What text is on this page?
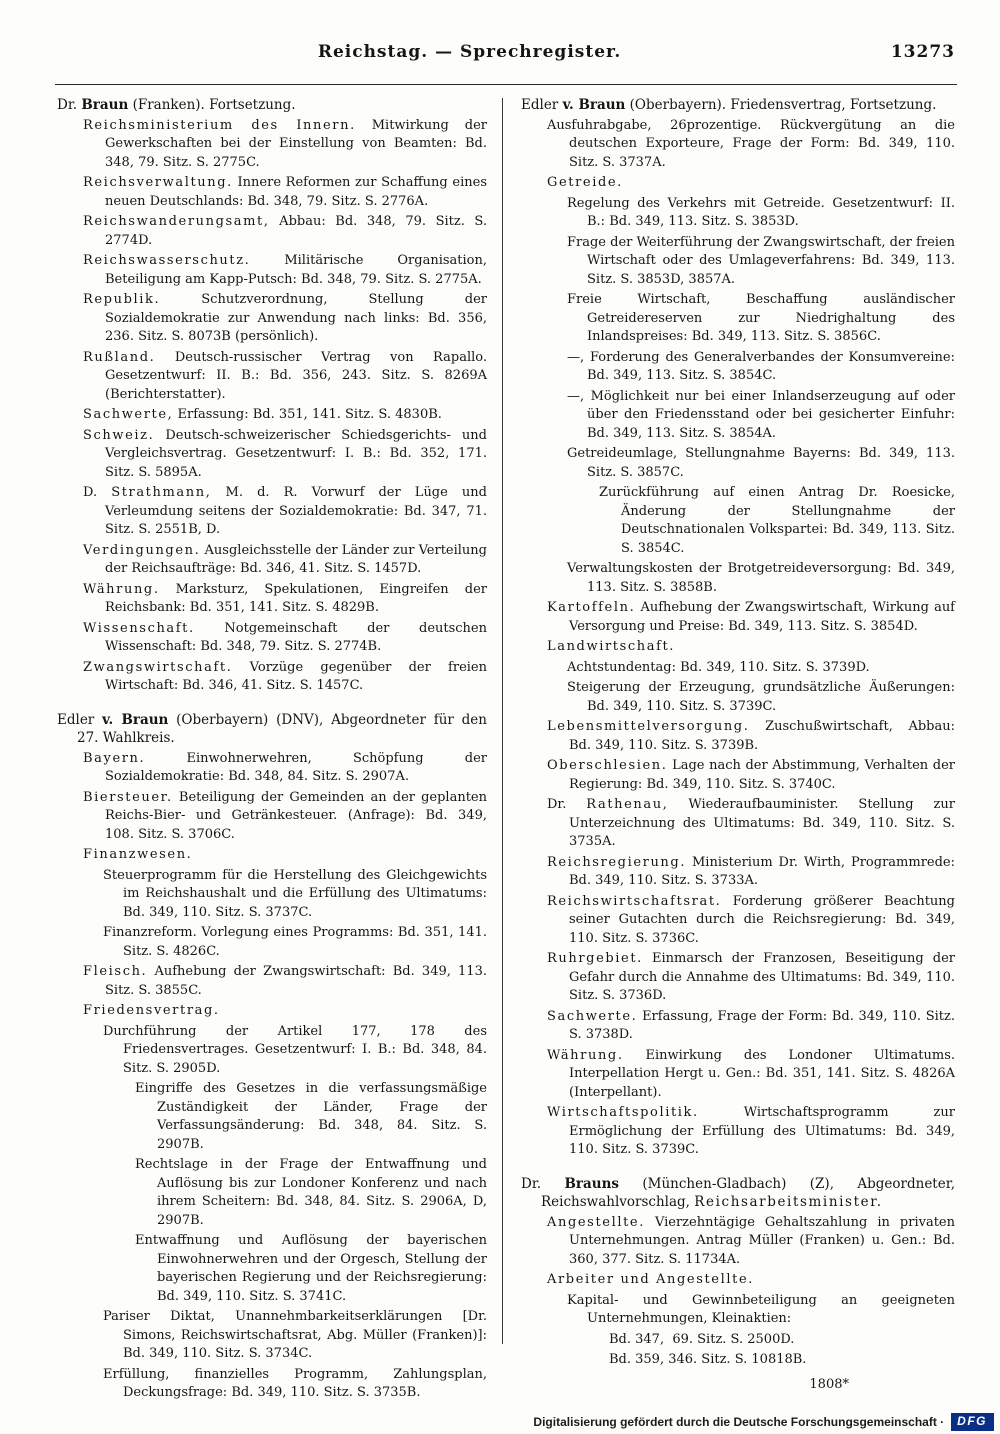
Reichstag. — Sprechregister.	13273
Dr. Braun (Franken). Fortsetzung.
Reichsministerium des Innern. Mitwirkung der Gewerkschaften bei der Einstellung von Beamten: Bd. 348, 79. Sitz. S. 2775C.
Reichsverwaltung. Innere Reformen zur Schaffung eines neuen Deutschlands: Bd. 348, 79. Sitz. S. 2776A.
Reichswanderungsamt, Abbau: Bd. 348, 79. Sitz. S. 2774D.
Reichswasserschutz. Militärische Organisation, Beteiligung am Kapp-Putsch: Bd. 348, 79. Sitz. S. 2775A.
Republik. Schutzverordnung, Stellung der Sozialdemokratie zur Anwendung nach links: Bd. 356, 236. Sitz. S. 8073B (persönlich).
Rußland. Deutsch-russischer Vertrag von Rapallo. Gesetzentwurf: II. B.: Bd. 356, 243. Sitz. S. 8269A (Berichterstatter).
Sachwerte, Erfassung: Bd. 351, 141. Sitz. S. 4830B.
Schweiz. Deutsch-schweizerischer Schiedsgerichts- und Vergleichsvertrag. Gesetzentwurf: I. B.: Bd. 352, 171. Sitz. S. 5895A.
D. Strathmann, M. d. R. Vorwurf der Lüge und Verleumdung seitens der Sozialdemokratie: Bd. 347, 71. Sitz. S. 2551B, D.
Verdingungen. Ausgleichsstelle der Länder zur Verteilung der Reichsaufträge: Bd. 346, 41. Sitz. S. 1457D.
Währung. Marksturz, Spekulationen, Eingreifen der Reichsbank: Bd. 351, 141. Sitz. S. 4829B.
Wissenschaft. Notgemeinschaft der deutschen Wissenschaft: Bd. 348, 79. Sitz. S. 2774B.
Zwangswirtschaft. Vorzüge gegenüber der freien Wirtschaft: Bd. 346, 41. Sitz. S. 1457C.
Edler v. Braun (Oberbayern) (DNV), Abgeordneter für den 27. Wahlkreis.
Bayern. Einwohnerwehren, Schöpfung der Sozialdemokratie: Bd. 348, 84. Sitz. S. 2907A.
Biersteuer. Beteiligung der Gemeinden an der geplanten Reichs-Bier- und Getränkesteuer. (Anfrage): Bd. 349, 108. Sitz. S. 3706C.
Finanzwesen.
Steuerprogramm für die Herstellung des Gleichgewichts im Reichshaushalt und die Erfüllung des Ultimatums: Bd. 349, 110. Sitz. S. 3737C.
Finanzreform. Vorlegung eines Programms: Bd. 351, 141. Sitz. S. 4826C.
Fleisch. Aufhebung der Zwangswirtschaft: Bd. 349, 113. Sitz. S. 3855C.
Friedensvertrag.
Durchführung der Artikel 177, 178 des Friedensvertrages. Gesetzentwurf: I. B.: Bd. 348, 84. Sitz. S. 2905D.
Eingriffe des Gesetzes in die verfassungsmäßige Zuständigkeit der Länder, Frage der Verfassungsänderung: Bd. 348, 84. Sitz. S. 2907B.
Rechtslage in der Frage der Entwaffnung und Auflösung bis zur Londoner Konferenz und nach ihrem Scheitern: Bd. 348, 84. Sitz. S. 2906A, D, 2907B.
Entwaffnung und Auflösung der bayerischen Einwohnerwehren und der Orgesch, Stellung der bayerischen Regierung und der Reichsregierung: Bd. 349, 110. Sitz. S. 3741C.
Pariser Diktat, Unannehmbarkeitserklärungen [Dr. Simons, Reichswirtschaftsrat, Abg. Müller (Franken)]: Bd. 349, 110. Sitz. S. 3734C.
Erfüllung, finanzielles Programm, Zahlungsplan, Deckungsfrage: Bd. 349, 110. Sitz. S. 3735B.
Edler v. Braun (Oberbayern). Friedensvertrag, Fortsetzung.
Ausfuhrabgabe, 26prozentige. Rückvergütung an die deutschen Exporteure, Frage der Form: Bd. 349, 110. Sitz. S. 3737A.
Getreide.
Regelung des Verkehrs mit Getreide. Gesetzentwurf: II. B.: Bd. 349, 113. Sitz. S. 3853D.
Frage der Weiterführung der Zwangswirtschaft, der freien Wirtschaft oder des Umlageverfahrens: Bd. 349, 113. Sitz. S. 3853D, 3857A.
Freie Wirtschaft, Beschaffung ausländischer Getreidereserven zur Niedrighaltung des Inlandspreises: Bd. 349, 113. Sitz. S. 3856C.
—, Forderung des Generalverbandes der Konsumvereine: Bd. 349, 113. Sitz. S. 3854C.
—, Möglichkeit nur bei einer Inlandserzeugung auf oder über den Friedensstand oder bei gesicherter Einfuhr: Bd. 349, 113. Sitz. S. 3854A.
Getreideumlage, Stellungnahme Bayerns: Bd. 349, 113. Sitz. S. 3857C.
Zurückführung auf einen Antrag Dr. Roesicke, Änderung der Stellungnahme der Deutschnationalen Volkspartei: Bd. 349, 113. Sitz. S. 3854C.
Verwaltungskosten der Brotgetreideversorgung: Bd. 349, 113. Sitz. S. 3858B.
Kartoffeln. Aufhebung der Zwangswirtschaft, Wirkung auf Versorgung und Preise: Bd. 349, 113. Sitz. S. 3854D.
Landwirtschaft.
Achtstundentag: Bd. 349, 110. Sitz. S. 3739D.
Steigerung der Erzeugung, grundsätzliche Äußerungen: Bd. 349, 110. Sitz. S. 3739C.
Lebensmittelversorgung. Zuschußwirtschaft, Abbau: Bd. 349, 110. Sitz. S. 3739B.
Oberschlesien. Lage nach der Abstimmung, Verhalten der Regierung: Bd. 349, 110. Sitz. S. 3740C.
Dr. Rathenau, Wiederaufbauminister. Stellung zur Unterzeichnung des Ultimatums: Bd. 349, 110. Sitz. S. 3735A.
Reichsregierung. Ministerium Dr. Wirth, Programmrede: Bd. 349, 110. Sitz. S. 3733A.
Reichswirtschaftsrat. Forderung größerer Beachtung seiner Gutachten durch die Reichsregierung: Bd. 349, 110. Sitz. S. 3736C.
Ruhrgebiet. Einmarsch der Franzosen, Beseitigung der Gefahr durch die Annahme des Ultimatums: Bd. 349, 110. Sitz. S. 3736D.
Sachwerte. Erfassung, Frage der Form: Bd. 349, 110. Sitz. S. 3738D.
Währung. Einwirkung des Londoner Ultimatums. Interpellation Hergt u. Gen.: Bd. 351, 141. Sitz. S. 4826A (Interpellant).
Wirtschaftspolitik. Wirtschaftsprogramm zur Ermöglichung der Erfüllung des Ultimatums: Bd. 349, 110. Sitz. S. 3739C.
Dr. Brauns (München-Gladbach) (Z), Abgeordneter, Reichswahlvorschlag, Reichsarbeitsminister.
Angestellte. Vierzehntägige Gehaltszahlung in privaten Unternehmungen. Antrag Müller (Franken) u. Gen.: Bd. 360, 377. Sitz. S. 11734A.
Arbeiter und Angestellte.
Kapital- und Gewinnbeteiligung an geeigneten Unternehmungen, Kleinaktien:
Bd. 347,  69. Sitz. S. 2500D.
Bd. 359, 346. Sitz. S. 10818B.
1808*
Digitalisierung gefördert durch die Deutsche Forschungsgemeinschaft ·	DFG
